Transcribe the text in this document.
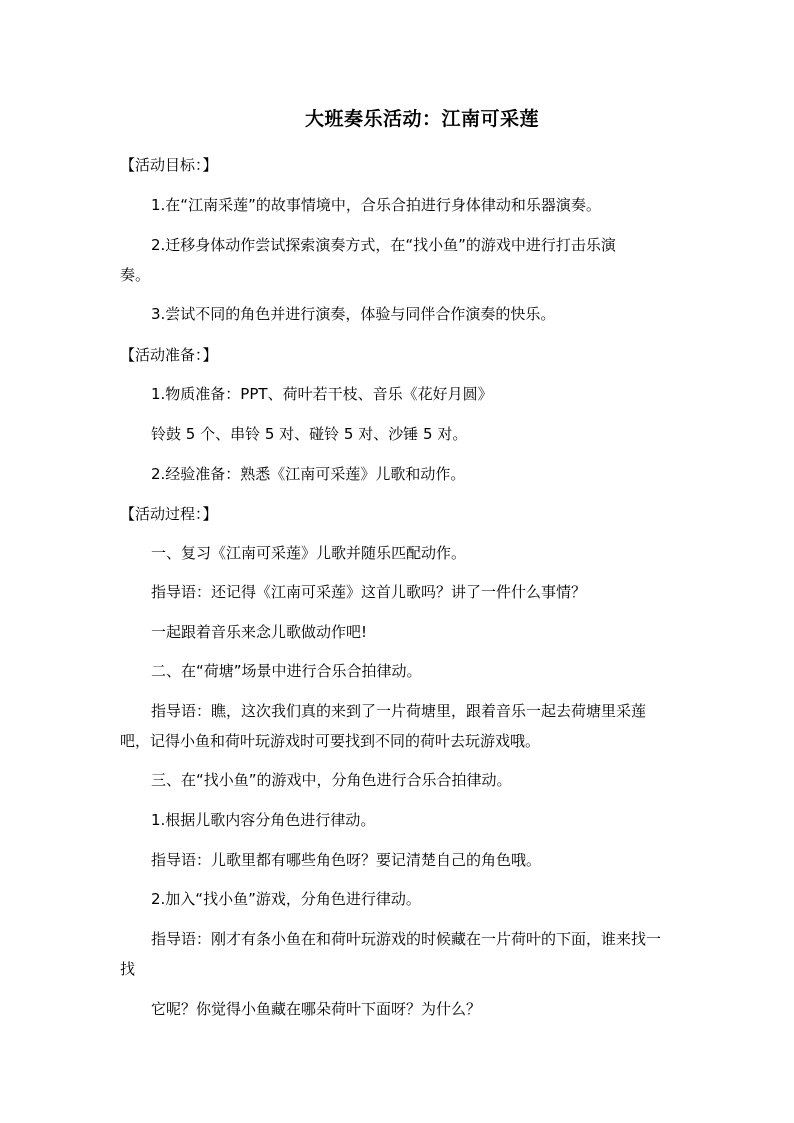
大班奏乐活动：江南可采莲
【活动目标：】
1.在“江南采莲”的故事情境中，合乐合拍进行身体律动和乐器演奏。
2.迁移身体动作尝试探索演奏方式，在“找小鱼”的游戏中进行打击乐演奏。
3.尝试不同的角色并进行演奏，体验与同伴合作演奏的快乐。
【活动准备：】
1.物质准备：PPT、荷叶若干枝、音乐《花好月圆》
铃鼓 5 个、串铃 5 对、碰铃 5 对、沙锤 5 对。
2.经验准备：熟悉《江南可采莲》儿歌和动作。
【活动过程：】
一、复习《江南可采莲》儿歌并随乐匹配动作。
指导语：还记得《江南可采莲》这首儿歌吗？讲了一件什么事情？
一起跟着音乐来念儿歌做动作吧!
二、在“荷塘”场景中进行合乐合拍律动。
指导语：瞧，这次我们真的来到了一片荷塘里，跟着音乐一起去荷塘里采莲吧，记得小鱼和荷叶玩游戏时可要找到不同的荷叶去玩游戏哦。
三、在“找小鱼”的游戏中，分角色进行合乐合拍律动。
1.根据儿歌内容分角色进行律动。
指导语：儿歌里都有哪些角色呀？要记清楚自己的角色哦。
2.加入“找小鱼”游戏，分角色进行律动。
指导语：刚才有条小鱼在和荷叶玩游戏的时候藏在一片荷叶的下面，谁来找一找
它呢？你觉得小鱼藏在哪朵荷叶下面呀？为什么？
